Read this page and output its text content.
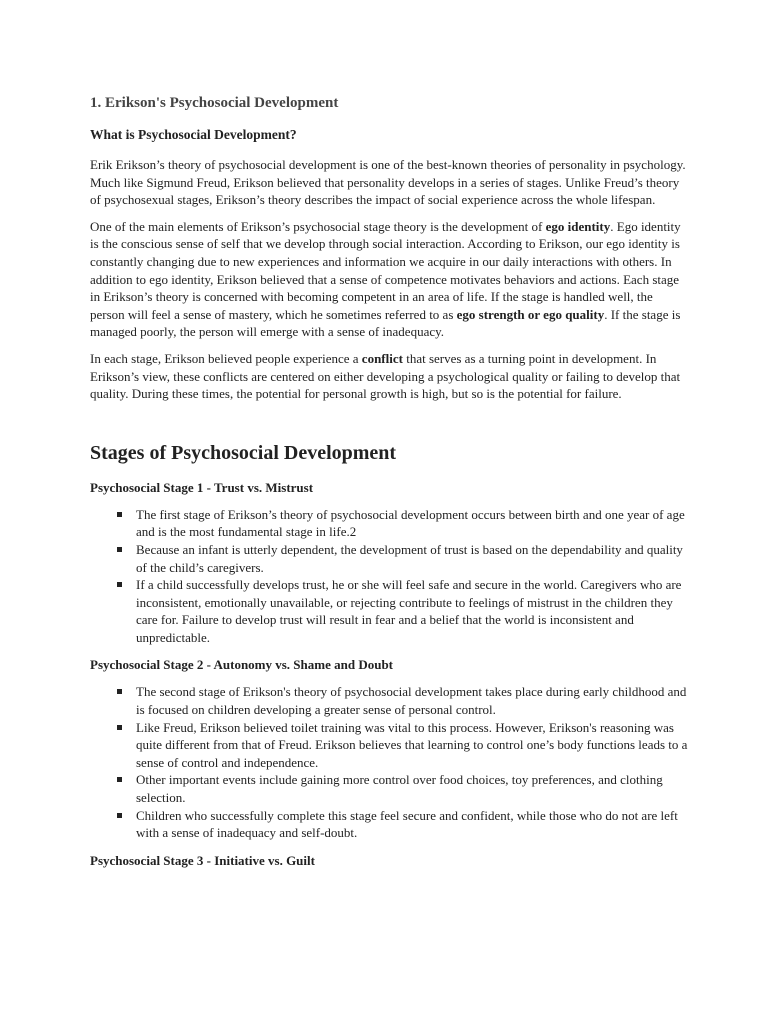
1. Erikson's Psychosocial Development
What is Psychosocial Development?

Erik Erikson’s theory of psychosocial development is one of the best-known theories of personality in psychology. Much like Sigmund Freud, Erikson believed that personality develops in a series of stages. Unlike Freud’s theory of psychosexual stages, Erikson’s theory describes the impact of social experience across the whole lifespan.

One of the main elements of Erikson’s psychosocial stage theory is the development of ego identity. Ego identity is the conscious sense of self that we develop through social interaction. According to Erikson, our ego identity is constantly changing due to new experiences and information we acquire in our daily interactions with others. In addition to ego identity, Erikson believed that a sense of competence motivates behaviors and actions. Each stage in Erikson’s theory is concerned with becoming competent in an area of life. If the stage is handled well, the person will feel a sense of mastery, which he sometimes referred to as ego strength or ego quality. If the stage is managed poorly, the person will emerge with a sense of inadequacy.

In each stage, Erikson believed people experience a conflict that serves as a turning point in development. In Erikson’s view, these conflicts are centered on either developing a psychological quality or failing to develop that quality. During these times, the potential for personal growth is high, but so is the potential for failure.

Stages of Psychosocial Development
Psychosocial Stage 1 - Trust vs. Mistrust
The first stage of Erikson’s theory of psychosocial development occurs between birth and one year of age and is the most fundamental stage in life.2
Because an infant is utterly dependent, the development of trust is based on the dependability and quality of the child’s caregivers.
If a child successfully develops trust, he or she will feel safe and secure in the world. Caregivers who are inconsistent, emotionally unavailable, or rejecting contribute to feelings of mistrust in the children they care for. Failure to develop trust will result in fear and a belief that the world is inconsistent and unpredictable.
Psychosocial Stage 2 - Autonomy vs. Shame and Doubt
The second stage of Erikson's theory of psychosocial development takes place during early childhood and is focused on children developing a greater sense of personal control.
Like Freud, Erikson believed toilet training was vital to this process. However, Erikson's reasoning was quite different from that of Freud. Erikson believes that learning to control one’s body functions leads to a sense of control and independence.
Other important events include gaining more control over food choices, toy preferences, and clothing selection.
Children who successfully complete this stage feel secure and confident, while those who do not are left with a sense of inadequacy and self-doubt.
Psychosocial Stage 3 - Initiative vs. Guilt
